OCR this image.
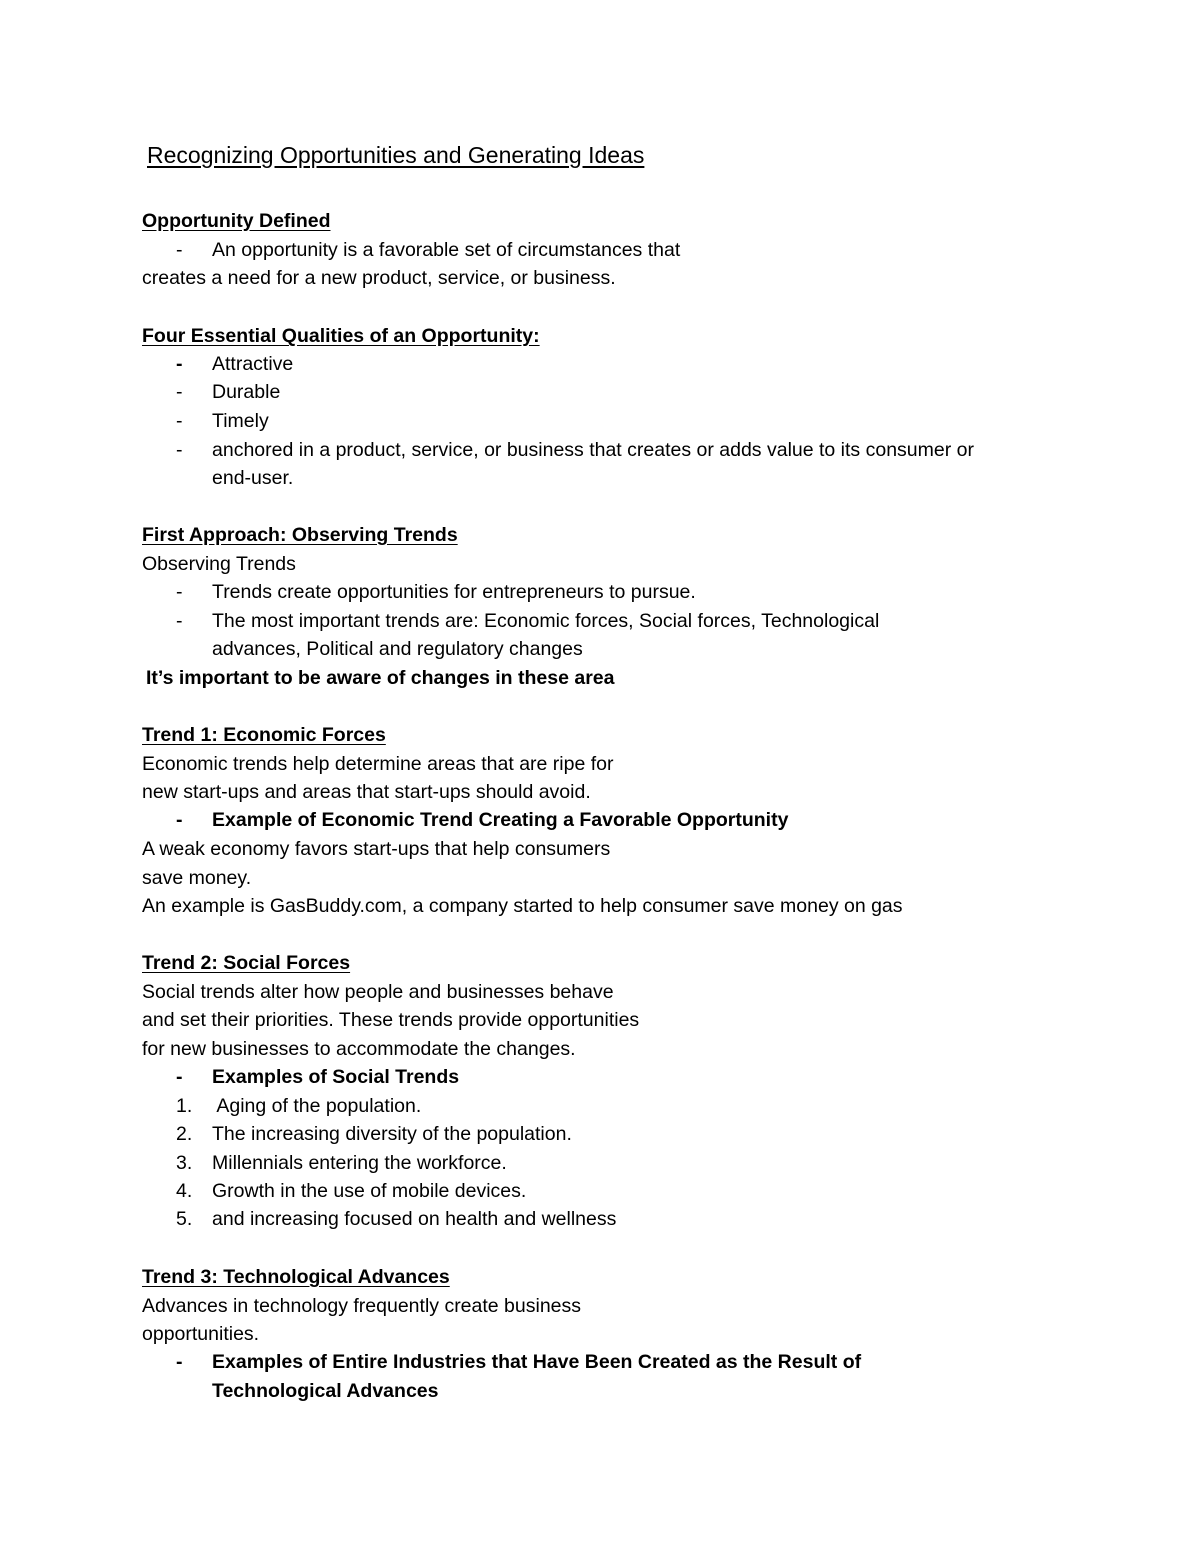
Recognizing Opportunities and Generating Ideas
Opportunity Defined
- An opportunity is a favorable set of circumstances that
creates a need for a new product, service, or business.
Four Essential Qualities of an Opportunity:
- Attractive
- Durable
- Timely
- anchored in a product, service, or business that creates or adds value to its consumer or
end-user.
First Approach: Observing Trends
Observing Trends
- Trends create opportunities for entrepreneurs to pursue.
- The most important trends are: Economic forces, Social forces, Technological
advances, Political and regulatory changes
It’s important to be aware of changes in these area
Trend 1: Economic Forces
Economic trends help determine areas that are ripe for
new start-ups and areas that start-ups should avoid.
- Example of Economic Trend Creating a Favorable Opportunity
A weak economy favors start-ups that help consumers
save money.
An example is GasBuddy.com, a company started to help consumer save money on gas
Trend 2: Social Forces
Social trends alter how people and businesses behave
and set their priorities. These trends provide opportunities
for new businesses to accommodate the changes.
- Examples of Social Trends
1. Aging of the population.
2. The increasing diversity of the population.
3. Millennials entering the workforce.
4. Growth in the use of mobile devices.
5. and increasing focused on health and wellness
Trend 3: Technological Advances
Advances in technology frequently create business
opportunities.
- Examples of Entire Industries that Have Been Created as the Result of
Technological Advances
